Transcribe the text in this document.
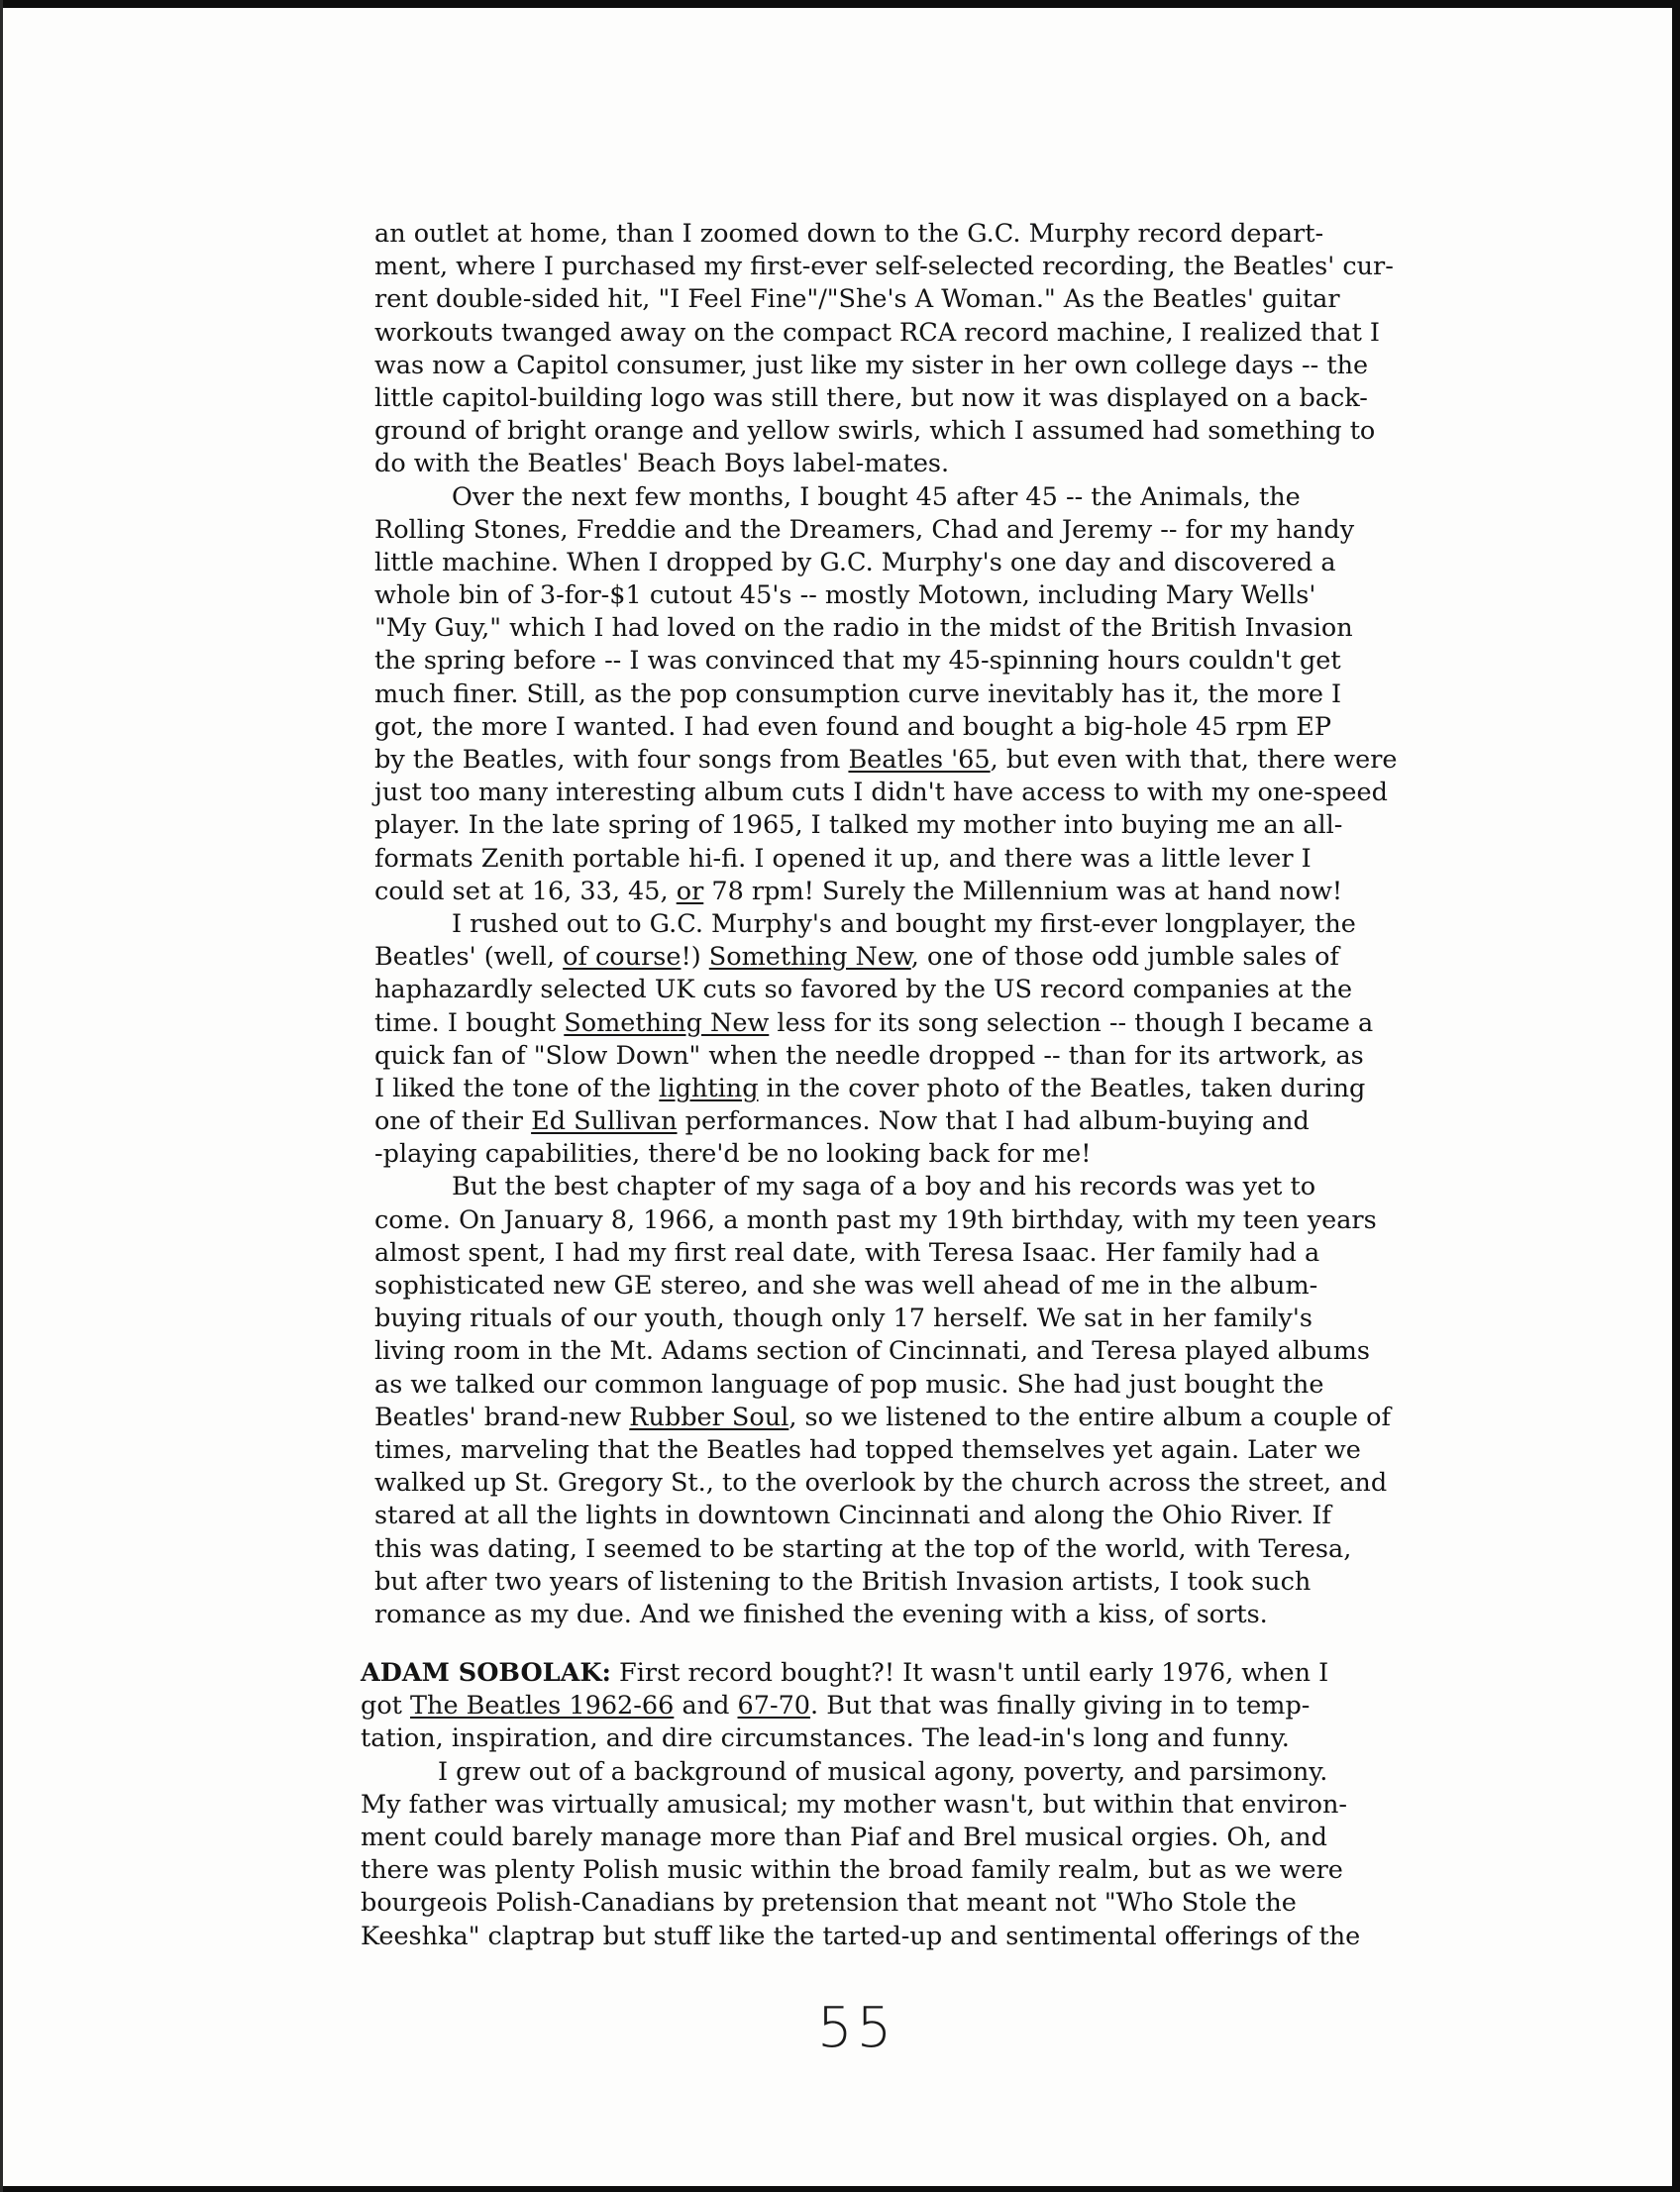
an outlet at home, than I zoomed down to the G.C. Murphy record depart-
ment, where I purchased my first-ever self-selected recording, the Beatles' cur-
rent double-sided hit, "I Feel Fine"/"She's A Woman." As the Beatles' guitar
workouts twanged away on the compact RCA record machine, I realized that I
was now a Capitol consumer, just like my sister in her own college days -- the
little capitol-building logo was still there, but now it was displayed on a back-
ground of bright orange and yellow swirls, which I assumed had something to
do with the Beatles' Beach Boys label-mates.
Over the next few months, I bought 45 after 45 -- the Animals, the
Rolling Stones, Freddie and the Dreamers, Chad and Jeremy -- for my handy
little machine. When I dropped by G.C. Murphy's one day and discovered a
whole bin of 3-for-$1 cutout 45's -- mostly Motown, including Mary Wells'
"My Guy," which I had loved on the radio in the midst of the British Invasion
the spring before -- I was convinced that my 45-spinning hours couldn't get
much finer. Still, as the pop consumption curve inevitably has it, the more I
got, the more I wanted. I had even found and bought a big-hole 45 rpm EP
by the Beatles, with four songs from Beatles '65, but even with that, there were
just too many interesting album cuts I didn't have access to with my one-speed
player. In the late spring of 1965, I talked my mother into buying me an all-
formats Zenith portable hi-fi. I opened it up, and there was a little lever I
could set at 16, 33, 45, or 78 rpm! Surely the Millennium was at hand now!
I rushed out to G.C. Murphy's and bought my first-ever longplayer, the
Beatles' (well, of course!) Something New, one of those odd jumble sales of
haphazardly selected UK cuts so favored by the US record companies at the
time. I bought Something New less for its song selection -- though I became a
quick fan of "Slow Down" when the needle dropped -- than for its artwork, as
I liked the tone of the lighting in the cover photo of the Beatles, taken during
one of their Ed Sullivan performances. Now that I had album-buying and
-playing capabilities, there'd be no looking back for me!
But the best chapter of my saga of a boy and his records was yet to
come. On January 8, 1966, a month past my 19th birthday, with my teen years
almost spent, I had my first real date, with Teresa Isaac. Her family had a
sophisticated new GE stereo, and she was well ahead of me in the album-
buying rituals of our youth, though only 17 herself. We sat in her family's
living room in the Mt. Adams section of Cincinnati, and Teresa played albums
as we talked our common language of pop music. She had just bought the
Beatles' brand-new Rubber Soul, so we listened to the entire album a couple of
times, marveling that the Beatles had topped themselves yet again. Later we
walked up St. Gregory St., to the overlook by the church across the street, and
stared at all the lights in downtown Cincinnati and along the Ohio River. If
this was dating, I seemed to be starting at the top of the world, with Teresa,
but after two years of listening to the British Invasion artists, I took such
romance as my due. And we finished the evening with a kiss, of sorts.
ADAM SOBOLAK: First record bought?! It wasn't until early 1976, when I
got The Beatles 1962-66 and 67-70. But that was finally giving in to temp-
tation, inspiration, and dire circumstances. The lead-in's long and funny.
I grew out of a background of musical agony, poverty, and parsimony.
My father was virtually amusical; my mother wasn't, but within that environ-
ment could barely manage more than Piaf and Brel musical orgies. Oh, and
there was plenty Polish music within the broad family realm, but as we were
bourgeois Polish-Canadians by pretension that meant not "Who Stole the
Keeshka" claptrap but stuff like the tarted-up and sentimental offerings of the
55
